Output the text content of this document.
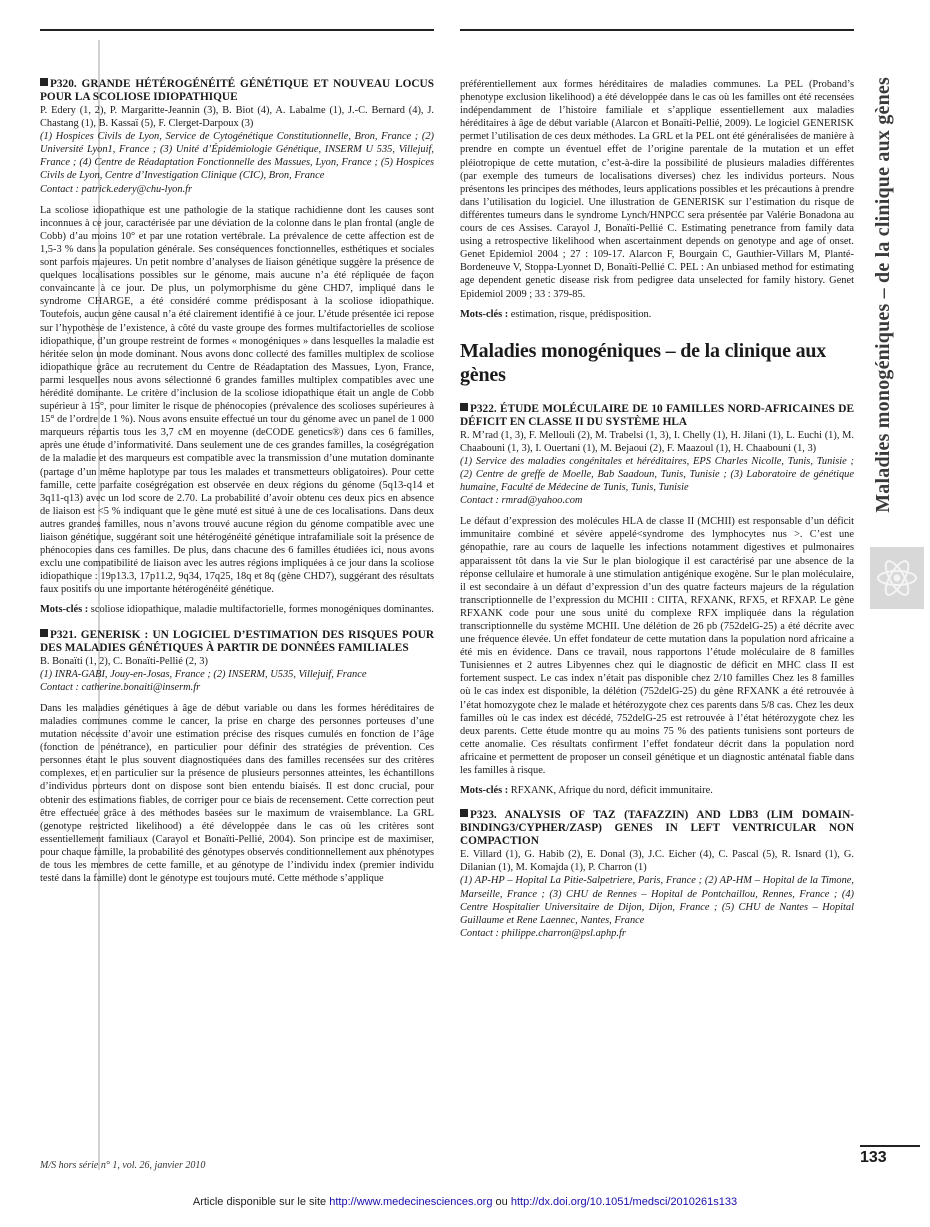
P320. GRANDE HÉTÉROGÉNÉITÉ GÉNÉTIQUE ET NOUVEAU LOCUS POUR LA SCOLIOSE IDIOPATHIQUE

P. Edery (1, 2), P. Margaritte-Jeannin (3), B. Biot (4), A. Labalme (1), J.-C. Bernard (4), J. Chastang (1), B. Kassaï (5), F. Clerget-Darpoux (3)

(1) Hospices Civils de Lyon, Service de Cytogénétique Constitutionnelle, Bron, France ; (2) Université Lyon1, France ; (3) Unité d’Épidémiologie Génétique, INSERM U 535, Villejuif, France ; (4) Centre de Réadaptation Fonctionnelle des Massues, Lyon, France ; (5) Hospices Civils de Lyon, Centre d’Investigation Clinique (CIC), Bron, France

Contact : patrick.edery@chu-lyon.fr

La scoliose idiopathique est une pathologie de la statique rachidienne dont les causes sont inconnues à ce jour, caractérisée par une déviation de la colonne dans le plan frontal (angle de Cobb) d’au moins 10° et par une rotation vertébrale. La prévalence de cette affection est de 1,5-3 % dans la population générale. Ses conséquences fonctionnelles, esthétiques et sociales sont parfois majeures. Un petit nombre d’analyses de liaison génétique suggère la présence de quelques localisations possibles sur le génome, mais aucune n’a été répliquée de façon convaincante à ce jour. De plus, un polymorphisme du gène CHD7, impliqué dans le syndrome CHARGE, a été considéré comme prédisposant à la scoliose idiopathique. Toutefois, aucun gène causal n’a été clairement identifié à ce jour. L’étude présentée ici repose sur l’hypothèse de l’existence, à côté du vaste groupe des formes multifactorielles de scoliose idiopathique, d’un groupe restreint de formes « monogéniques » dans lesquelles la maladie est héritée selon un mode dominant. Nous avons donc collecté des familles multiplex de scoliose idiopathique grâce au recrutement du Centre de Réadaptation des Massues, Lyon, France, parmi lesquelles nous avons sélectionné 6 grandes familles multiplex compatibles avec une hérédité dominante. Le critère d’inclusion de la scoliose idiopathique était un angle de Cobb supérieur à 15°, pour limiter le risque de phénocopies (prévalence des scolioses supérieures à 15° de l’ordre de 1 %). Nous avons ensuite effectué un tour du génome avec un panel de 1 000 marqueurs répartis tous les 3,7 cM en moyenne (deCODE genetics®) dans ces 6 familles, après une étude d’informativité. Dans seulement une de ces grandes familles, la coségrégation de la maladie et des marqueurs est compatible avec la transmission d’une mutation dominante (partage d’un même haplotype par tous les malades et transmetteurs obligatoires). Pour cette famille, cette parfaite coségrégation est observée en deux régions du génome (5q13-q14 et 3q11-q13) avec un lod score de 2.70. La probabilité d’avoir obtenu ces deux pics en absence de liaison est <5 % indiquant que le gène muté est situé à une de ces localisations. Dans deux autres grandes familles, nous n’avons trouvé aucune région du génome compatible avec une liaison génétique, suggérant soit une hétérogénéité génétique intrafamiliale soit la présence de phénocopies dans ces familles. De plus, dans chacune des 6 familles étudiées ici, nous avons exclu une compatibilité de liaison avec les autres régions impliquées à ce jour dans la scoliose idiopathique : 19p13.3, 17p11.2, 9q34, 17q25, 18q et 8q (gène CHD7), suggérant des résultats faux positifs ou une importante hétérogénéité génétique.

Mots-clés : scoliose idiopathique, maladie multifactorielle, formes monogéniques dominantes.

P321. GENERISK : UN LOGICIEL D’ESTIMATION DES RISQUES POUR DES MALADIES GÉNÉTIQUES À PARTIR DE DONNÉES FAMILIALES

B. Bonaïti (1, 2), C. Bonaïti-Pellié (2, 3)

(1) INRA-GABI, Jouy-en-Josas, France ; (2) INSERM, U535, Villejuif, France

Contact : catherine.bonaiti@inserm.fr

Dans les maladies génétiques à âge de début variable ou dans les formes héréditaires de maladies communes comme le cancer, la prise en charge des personnes porteuses d’une mutation nécessite d’avoir une estimation précise des risques cumulés en fonction de l’âge (fonction de pénétrance), en particulier pour définir des stratégies de prévention. Ces personnes étant le plus souvent diagnostiquées dans des familles recensées sur des critères complexes, et en particulier sur la présence de plusieurs personnes atteintes, les échantillons d’individus porteurs dont on dispose sont bien entendu biaisés. Il est donc crucial, pour obtenir des estimations fiables, de corriger pour ce biais de recensement. Cette correction peut être effectuée grâce à des méthodes basées sur le maximum de vraisemblance. La GRL (genotype restricted likelihood) a été développée dans le cas où les critères sont essentiellement familiaux (Carayol et Bonaïti-Pellié, 2004). Son principe est de maximiser, pour chaque famille, la probabilité des génotypes observés conditionnellement aux phénotypes de tous les membres de cette famille, et au génotype de l’individu index (premier individu testé dans la famille) dont le génotype est toujours muté. Cette méthode s’applique

préférentiellement aux formes héréditaires de maladies communes. La PEL (Proband’s phenotype exclusion likelihood) a été développée dans le cas où les familles ont été recensées indépendamment de l’histoire familiale et s’applique essentiellement aux maladies héréditaires à âge de début variable (Alarcon et Bonaïti-Pellié, 2009). Le logiciel GENERISK permet l’utilisation de ces deux méthodes. La GRL et la PEL ont été généralisées de manière à prendre en compte un éventuel effet de l’origine parentale de la mutation et un effet pléiotropique de cette mutation, c’est-à-dire la possibilité de plusieurs maladies différentes (par exemple des tumeurs de localisations diverses) chez les individus porteurs. Nous présentons les principes des méthodes, leurs applications possibles et les précautions à prendre dans l’utilisation du logiciel. Une illustration de GENERISK sur l’estimation du risque de différentes tumeurs dans le syndrome Lynch/HNPCC sera présentée par Valérie Bonadona au cours de ces Assises. Carayol J, Bonaïti-Pellié C. Estimating penetrance from family data using a retrospective likelihood when ascertainment depends on genotype and age of onset. Genet Epidemiol 2004 ; 27 : 109-17. Alarcon F, Bourgain C, Gauthier-Villars M, Planté-Bordeneuve V, Stoppa-Lyonnet D, Bonaïti-Pellié C. PEL : An unbiased method for estimating age dependent genetic disease risk from pedigree data unselected for family history. Genet Epidemiol 2009 ; 33 : 379-85.

Mots-clés : estimation, risque, prédisposition.

Maladies monogéniques – de la clinique aux gènes

P322. ÉTUDE MOLÉCULAIRE DE 10 FAMILLES NORD-AFRICAINES DE DÉFICIT EN CLASSE II DU SYSTÈME HLA

R. M’rad (1, 3), F. Mellouli (2), M. Trabelsi (1, 3), I. Chelly (1), H. Jilani (1), L. Euchi (1), M. Chaabouni (1, 3), I. Ouertani (1), M. Bejaoui (2), F. Maazoul (1), H. Chaabouni (1, 3)

(1) Service des maladies congénitales et héréditaires, EPS Charles Nicolle, Tunis, Tunisie ; (2) Centre de greffe de Moelle, Bab Saadoun, Tunis, Tunisie ; (3) Laboratoire de génétique humaine, Faculté de Médecine de Tunis, Tunis, Tunisie

Contact : rmrad@yahoo.com

Le défaut d’expression des molécules HLA de classe II (MCHII) est responsable d’un déficit immunitaire combiné et sévère appelé<syndrome des lymphocytes nus >. C’est une génopathie, rare au cours de laquelle les infections notamment digestives et pulmonaires apparaissent tôt dans la vie Sur le plan biologique il est caractérisé par une absence de la réponse cellulaire et humorale à une stimulation antigénique exogène. Sur le plan moléculaire, il est secondaire à un défaut d’expression d’un des quatre facteurs majeurs de la régulation transcriptionnelle de l’expression du MCHII : CIITA, RFXANK, RFX5, et RFXAP. Le gène RFXANK code pour une sous unité du complexe RFX impliquée dans la régulation transcriptionnelle du système MCHII. Une délétion de 26 pb (752delG-25) a été décrite avec une fréquence élevée. Un effet fondateur de cette mutation dans la population nord africaine a été mis en évidence. Dans ce travail, nous rapportons l’étude moléculaire de 8 familles Tunisiennes et 2 autres Libyennes chez qui le diagnostic de déficit en MHC class II est fortement suspect. Le cas index n’était pas disponible chez 2/10 familles Chez les 8 familles où le cas index est disponible, la délétion (752delG-25) du gène RFXANK a été retrouvée à l’état homozygote chez le malade et hétérozygote chez ces parents dans 5/8 cas. Chez les deux familles où le cas index est décédé, 752delG-25 est retrouvée à l’état hétérozygote chez les deux parents. Cette étude montre qu au moins 75 % des patients tunisiens sont porteurs de cette anomalie. Ces résultats confirment l’effet fondateur décrit dans la population nord africaine et permettent de proposer un conseil génétique et un diagnostic anténatal fiable dans les familles à risque.

Mots-clés : RFXANK, Afrique du nord, déficit immunitaire.

P323. ANALYSIS OF TAZ (TAFAZZIN) AND LDB3 (LIM DOMAIN-BINDING3/CYPHER/ZASP) GENES IN LEFT VENTRICULAR NON COMPACTION

E. Villard (1), G. Habib (2), E. Donal (3), J.C. Eicher (4), C. Pascal (5), R. Isnard (1), G. Dilanian (1), M. Komajda (1), P. Charron (1)

(1) AP-HP – Hopital La Pitie-Salpetriere, Paris, France ; (2) AP-HM – Hopital de la Timone, Marseille, France ; (3) CHU de Rennes – Hopital de Pontchaillou, Rennes, France ; (4) Centre Hospitalier Universitaire de Dijon, Dijon, France ; (5) CHU de Nantes – Hopital Guillaume et Rene Laennec, Nantes, France

Contact : philippe.charron@psl.aphp.fr

Maladies monogéniques – de la clinique aux gènes
133
M/S hors série n° 1, vol. 26, janvier 2010
Article disponible sur le site http://www.medecinesciences.org ou http://dx.doi.org/10.1051/medsci/2010261s133
